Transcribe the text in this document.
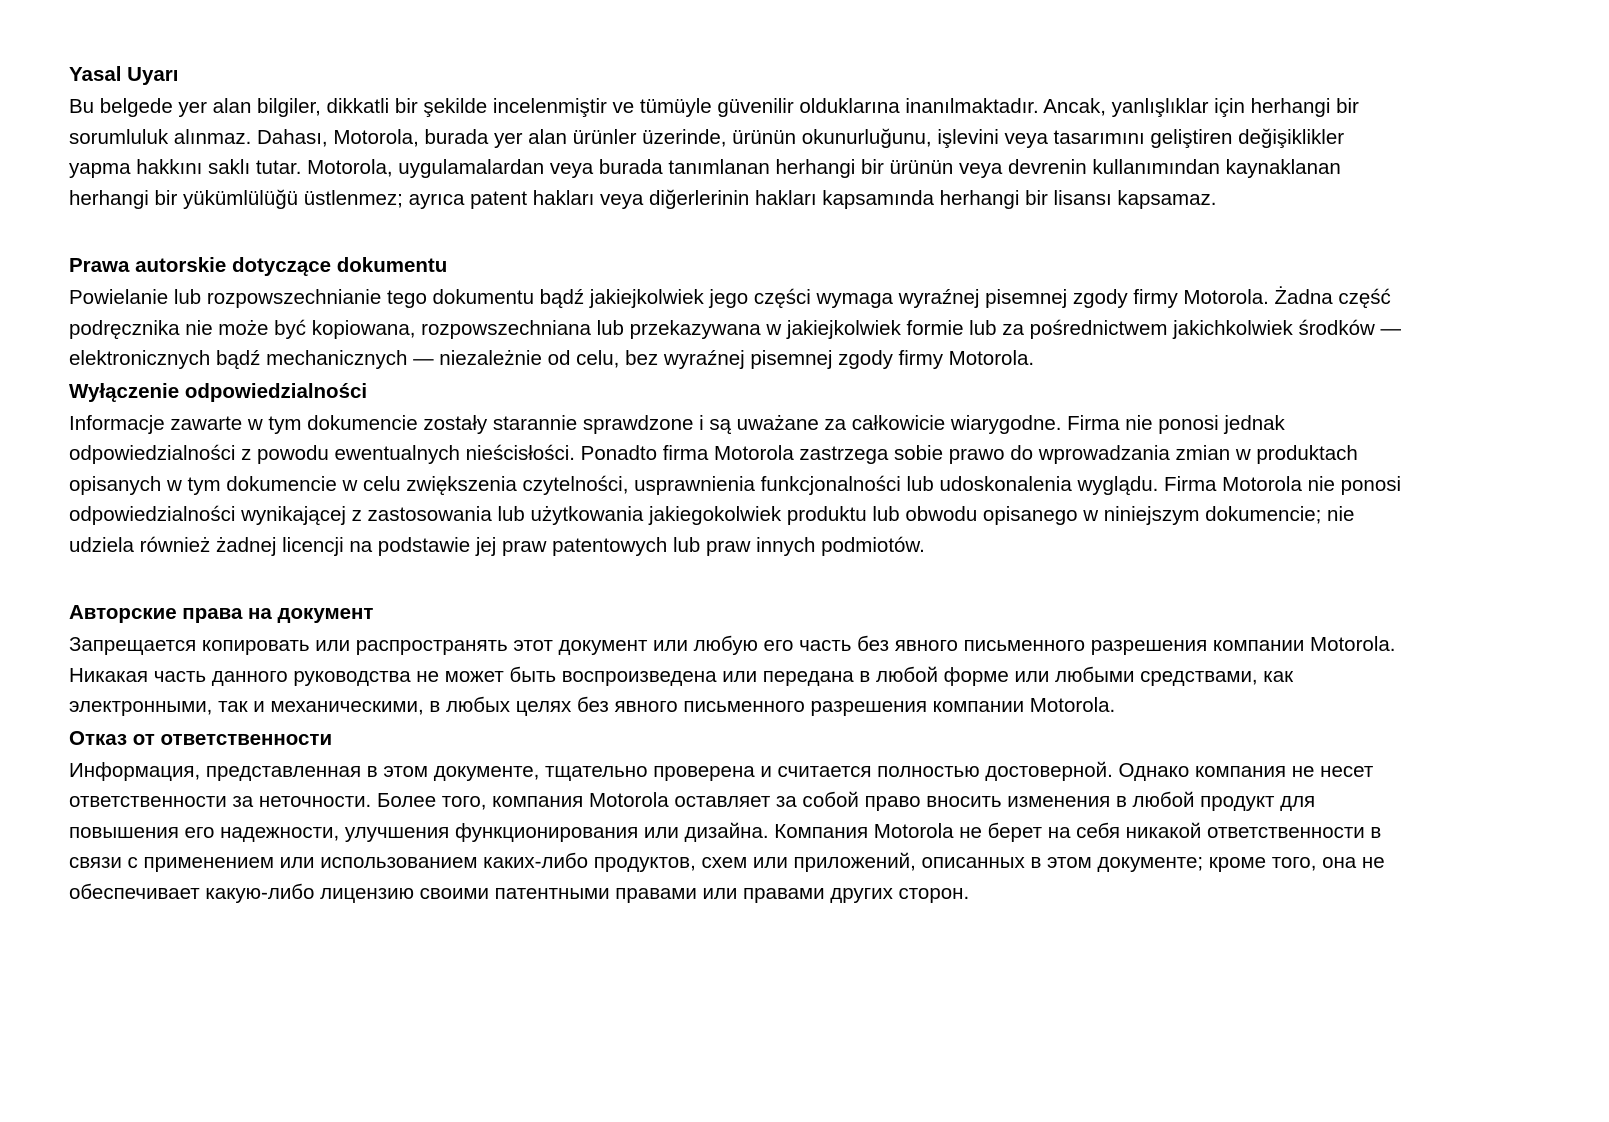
Yasal Uyarı
Bu belgede yer alan bilgiler, dikkatli bir şekilde incelenmiştir ve tümüyle güvenilir olduklarına inanılmaktadır. Ancak, yanlışlıklar için herhangi bir
sorumluluk alınmaz. Dahası, Motorola, burada yer alan ürünler üzerinde, ürünün okunurluğunu, işlevini veya tasarımını geliştiren değişiklikler
yapma hakkını saklı tutar. Motorola, uygulamalardan veya burada tanımlanan herhangi bir ürünün veya devrenin kullanımından kaynaklanan
herhangi bir yükümlülüğü üstlenmez; ayrıca patent hakları veya diğerlerinin hakları kapsamında herhangi bir lisansı kapsamaz.
Prawa autorskie dotyczące dokumentu
Powielanie lub rozpowszechnianie tego dokumentu bądź jakiejkolwiek jego części wymaga wyraźnej pisemnej zgody firmy Motorola. Żadna część
podręcznika nie może być kopiowana, rozpowszechniana lub przekazywana w jakiejkolwiek formie lub za pośrednictwem jakichkolwiek środków —
elektronicznych bądź mechanicznych — niezależnie od celu, bez wyraźnej pisemnej zgody firmy Motorola.
Wyłączenie odpowiedzialności
Informacje zawarte w tym dokumencie zostały starannie sprawdzone i są uważane za całkowicie wiarygodne. Firma nie ponosi jednak
odpowiedzialności z powodu ewentualnych nieścisłości. Ponadto firma Motorola zastrzega sobie prawo do wprowadzania zmian w produktach
opisanych w tym dokumencie w celu zwiększenia czytelności, usprawnienia funkcjonalności lub udoskonalenia wyglądu. Firma Motorola nie ponosi
odpowiedzialności wynikającej z zastosowania lub użytkowania jakiegokolwiek produktu lub obwodu opisanego w niniejszym dokumencie; nie
udziela również żadnej licencji na podstawie jej praw patentowych lub praw innych podmiotów.
Авторские права на документ
Запрещается копировать или распространять этот документ или любую его часть без явного письменного разрешения компании Motorola.
Никакая часть данного руководства не может быть воспроизведена или передана в любой форме или любыми средствами, как
электронными, так и механическими, в любых целях без явного письменного разрешения компании Motorola.
Отказ от ответственности
Информация, представленная в этом документе, тщательно проверена и считается полностью достоверной. Однако компания не несет
ответственности за неточности. Более того, компания Motorola оставляет за собой право вносить изменения в любой продукт для
повышения его надежности, улучшения функционирования или дизайна. Компания Motorola не берет на себя никакой ответственности в
связи с применением или использованием каких-либо продуктов, схем или приложений, описанных в этом документе; кроме того, она не
обеспечивает какую-либо лицензию своими патентными правами или правами других сторон.
